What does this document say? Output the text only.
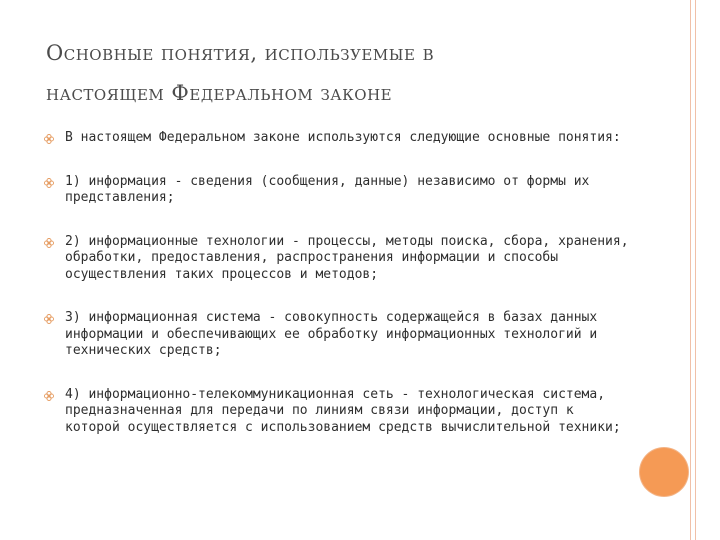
Основные понятия, используемые в
настоящем Федеральном законе
В настоящем Федеральном законе используются следующие основные понятия:
1) информация - сведения (сообщения, данные) независимо от формы их представления;
2) информационные технологии - процессы, методы поиска, сбора, хранения, обработки, предоставления, распространения информации и способы осуществления таких процессов и методов;
3) информационная система - совокупность содержащейся в базах данных информации и обеспечивающих ее обработку информационных технологий и технических средств;
4) информационно-телекоммуникационная сеть - технологическая система, предназначенная для передачи по линиям связи информации, доступ к которой осуществляется с использованием средств вычислительной техники;
